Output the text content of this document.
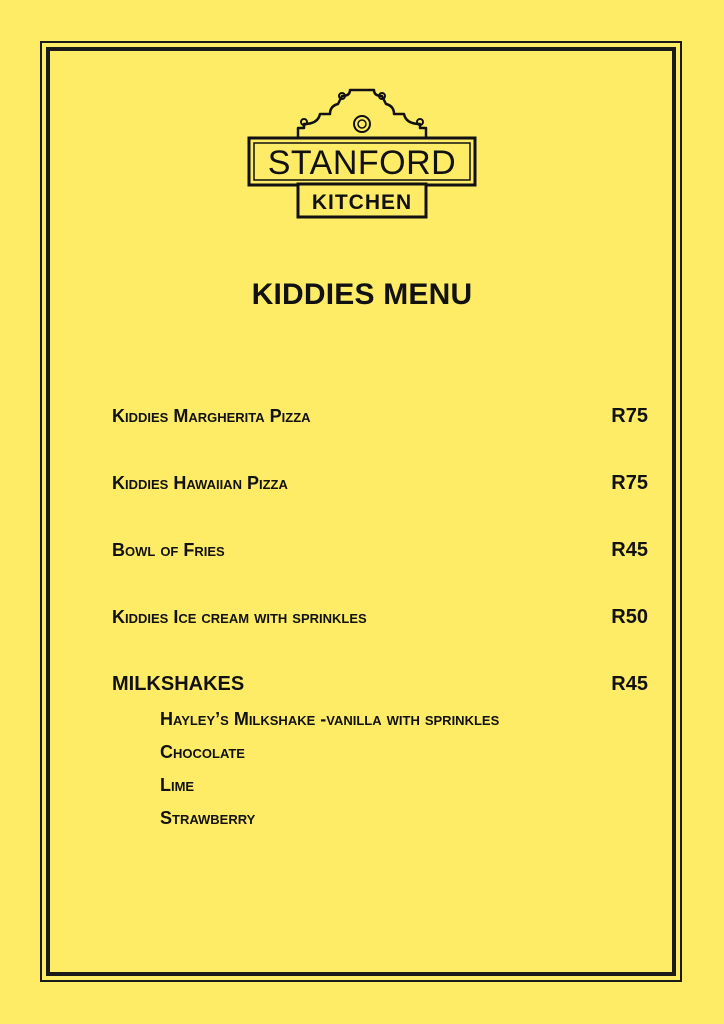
STANFORD
KITCHEN
KIDDIES MENU
Kiddies Margherita Pizza	R75
Kiddies Hawaiian Pizza	R75
Bowl of Fries	R45
Kiddies Ice cream with sprinkles	R50
MILKSHAKES	R45
Hayley’s Milkshake -vanilla with sprinkles
Chocolate
Lime
Strawberry
